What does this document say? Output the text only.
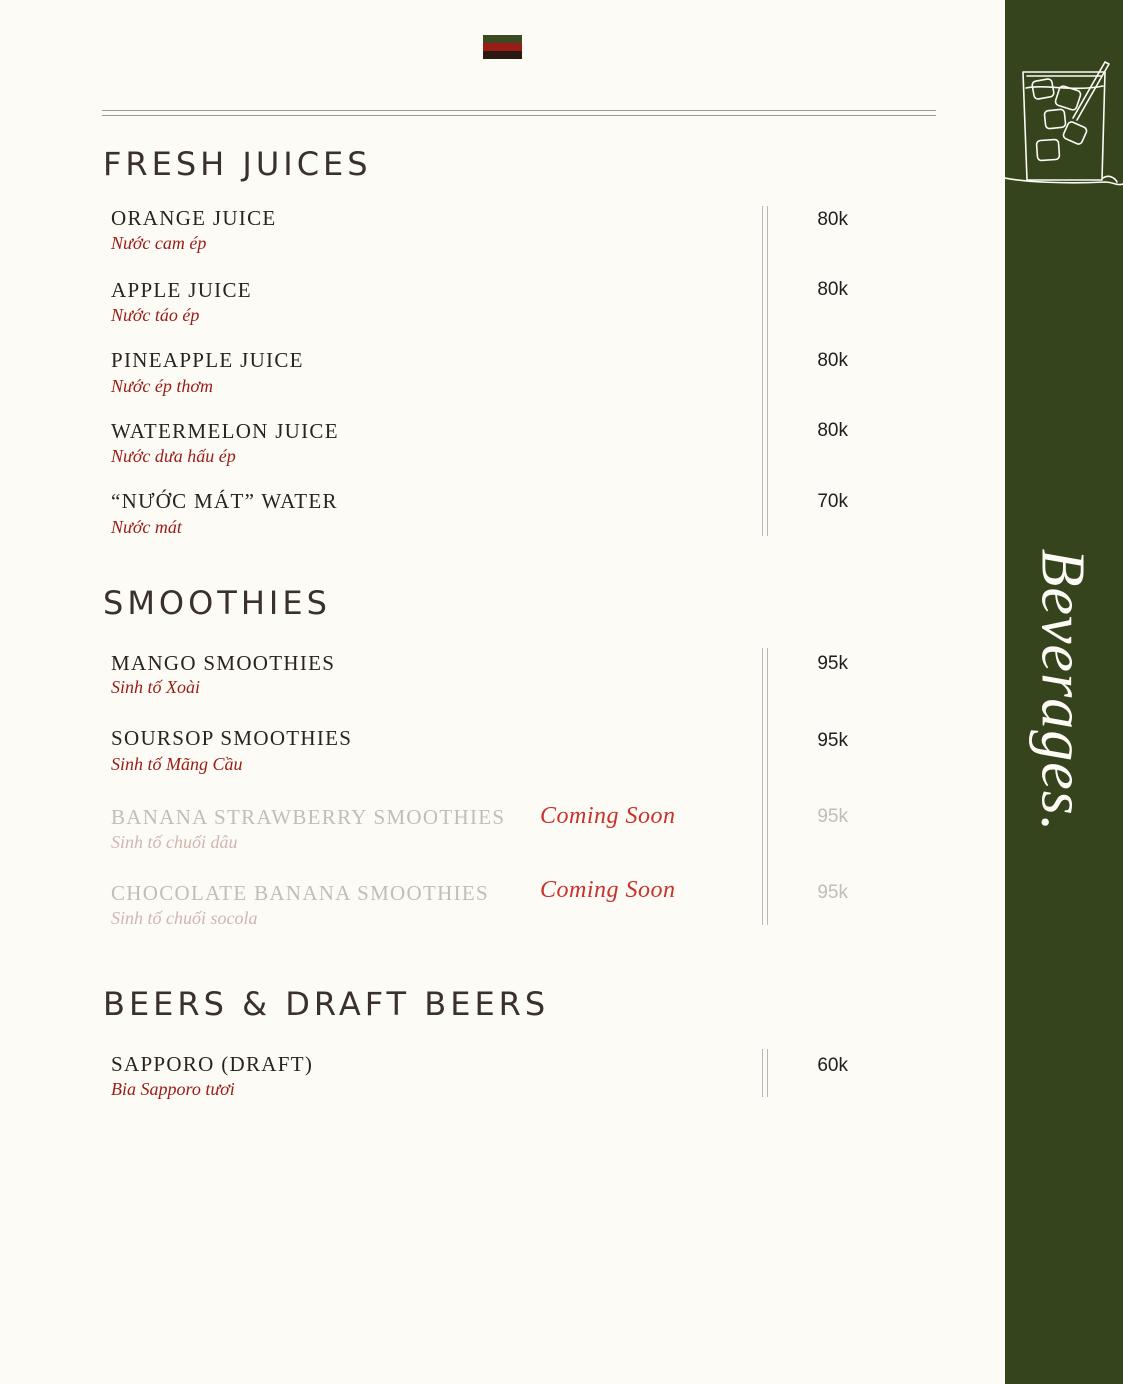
FRESH JUICES
ORANGE JUICE
Nước cam ép
80k
APPLE JUICE
Nước táo ép
80k
PINEAPPLE JUICE
Nước ép thơm
80k
WATERMELON JUICE
Nước dưa hấu ép
80k
“NƯỚC MÁT” WATER
Nước mát
70k
SMOOTHIES
MANGO SMOOTHIES
Sinh tố Xoài
95k
SOURSOP SMOOTHIES
Sinh tố Mãng Cầu
95k
BANANA STRAWBERRY SMOOTHIES
Sinh tố chuối dâu
Coming Soon	95k
CHOCOLATE BANANA SMOOTHIES
Sinh tố chuối socola
Coming Soon	95k
BEERS & DRAFT BEERS
SAPPORO (DRAFT)
Bia Sapporo tươi
60k
Beverages.
